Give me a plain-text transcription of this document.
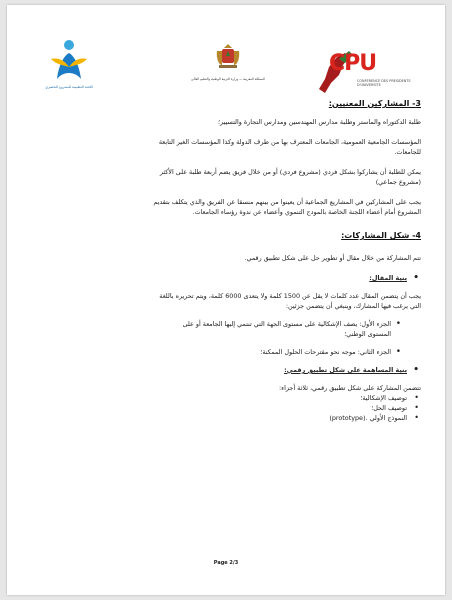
اللجنة التنظيمية للمشروع التحضيري
المملكة المغربية — وزارة التربية الوطنية والتعليم العالي
CPU
CONFERENCE DES PRESIDENTS D'UNIVERSITE

3- المشاركين المعنيين:

طلبة الدكتوراه والماستر وطلبة مدارس المهندسين ومدارس التجارة والتسيير؛

المؤسسات الجامعية العمومية، الجامعات المعترف بها من طرف الدولة وكذا المؤسسات الغير التابعة

للجامعات.

يمكن للطلبة أن يشاركوا بشكل فردي (مشروع فردي) أو من خلال فريق يضم أربعة طلبة على الأكثر

(مشروع جماعي)

يجب على المشاركين في المشاريع الجماعية أن يعينوا من بينهم منسقا عن الفريق والذي يتكلف بتقديم

المشروع أمام أعضاء اللجنة الخاصة بالمودج التنموي وأعضاء عن ندوة رؤساء الجامعات.

4- شكل المشاركات:

تتم المشاركة من خلال مقال أو تطوير حل على شكل تطبيق رقمي.

• بنية المقال:

يجب أن يتضمن المقال عدد كلمات لا يقل عن 1500 كلمة ولا يتعدى 6000 كلمة، ويتم تحريره باللغة

التي يرغب فيها المشارك، وينبغي أن يتضمن جزئين:

• الجزء الأول: يصف الإشكالية على مستوى الجهة التي تنتمي إليها الجامعة أو على

المستوى الوطني؛

• الجزء الثاني: موجه نحو مقترحات الحلول الممكنة؛

• بنية المساهمة على شكل تطبيق رقمي:

تتضمن المشاركة على شكل تطبيق رقمي، ثلاثة أجزاء:

• توصيف الإشكالية؛

• توصيف الحل؛

• النموذج الأولي (prototype).

Page 2/3
